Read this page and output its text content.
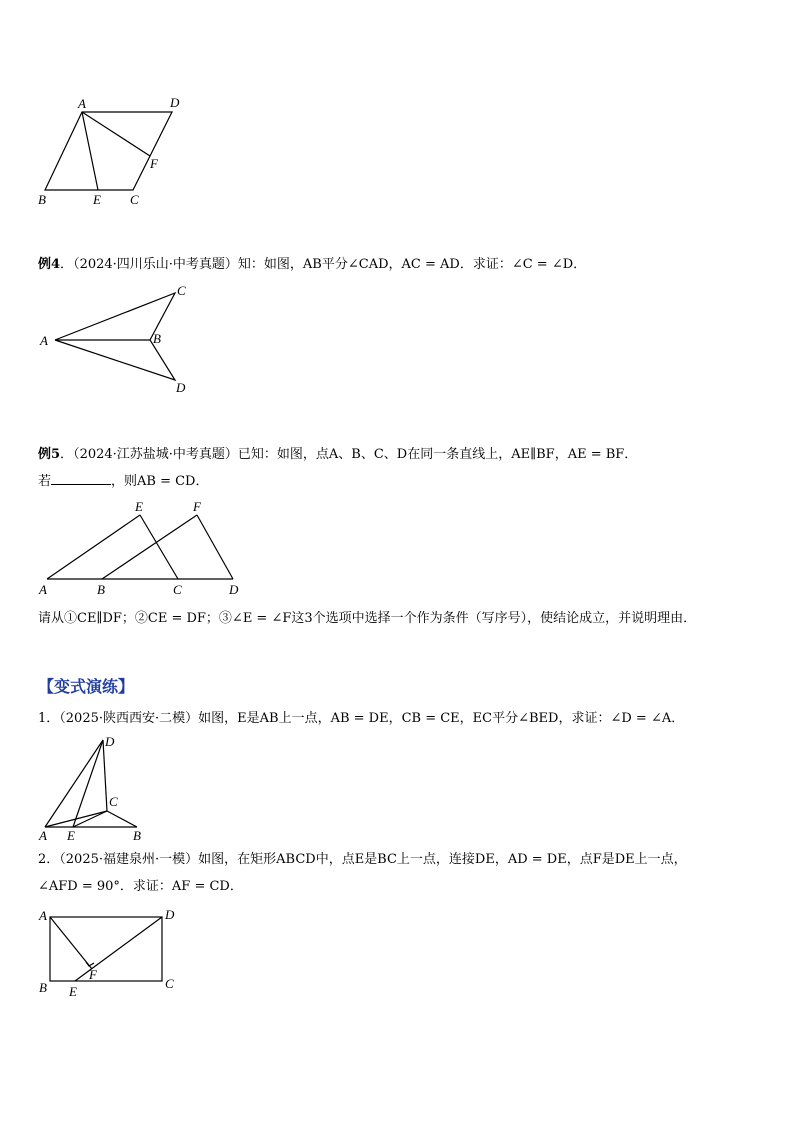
A	D
F
B	E C
例4．（2024·四川乐山·中考真题）知：如图，AB平分∠CAD，AC = AD．求证：∠C = ∠D．
A	B
C
D
例5．（2024·江苏盐城·中考真题）已知：如图，点A、B、C、D在同一条直线上，AE∥BF，AE = BF．
若	，则AB = CD．
E	F
A	B	C	D
请从①CE∥DF；②CE = DF；③∠E = ∠F这3个选项中选择一个作为条件（写序号），使结论成立，并说明理由．
【变式演练】
1．（2025·陕西西安·二模）如图，E是AB上一点，AB = DE，CB = CE，EC平分∠BED，求证：∠D = ∠A．
D
C
A E	B
2．（2025·福建泉州·一模）如图，在矩形ABCD中，点E是BC上一点，连接DE，AD = DE，点F是DE上一点，
∠AFD = 90°．求证：AF = CD．
A	D
F
B E
C
